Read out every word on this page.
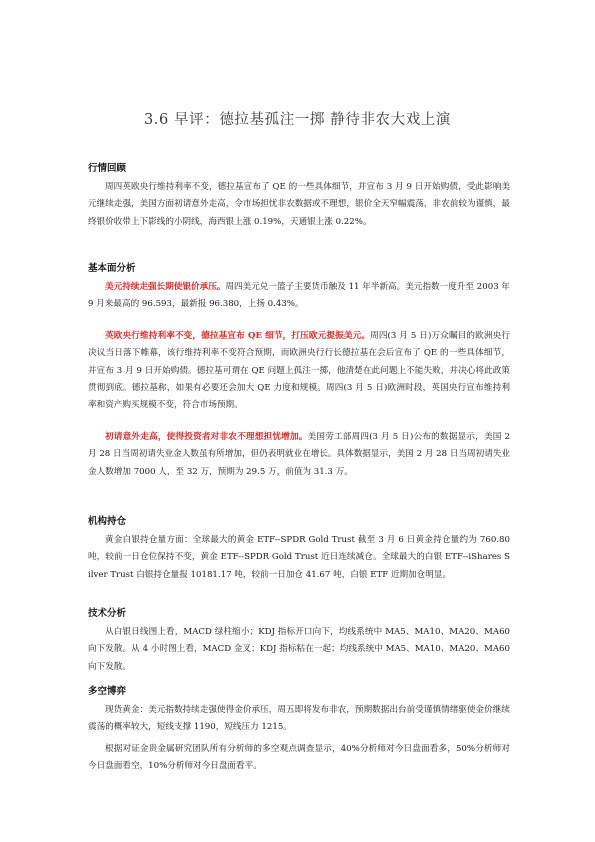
3.6 早评：德拉基孤注一掷 静待非农大戏上演
行情回顾

周四英欧央行维持利率不变，德拉基宣布了 QE 的一些具体细节，并宣布 3 月 9 日开始购债，受此影响美元继续走强，美国方面初请意外走高，令市场担忧非农数据或不理想，银价全天窄幅震荡，非农前较为谨慎，最终银价收带上下影线的小阴线，海西银上涨 0.19%，天通银上涨 0.22%。

基本面分析

美元持续走强长期使银价承压。周四美元兑一篮子主要货币触及 11 年半新高。美元指数一度升至 2003 年 9 月来最高的 96.593，最新报 96.380，上扬 0.43%。

英欧央行维持利率不变，德拉基宣布 QE 细节，打压欧元提振美元。周四(3 月 5 日)万众瞩目的欧洲央行决议当日落下帷幕，该行维持利率不变符合预期，而欧洲央行行长德拉基在会后宣布了 QE 的一些具体细节，并宣布 3 月 9 日开始购债。德拉基可谓在 QE 问题上孤注一掷，他清楚在此问题上不能失败，并决心将此政策贯彻到底。德拉基称，如果有必要还会加大 QE 力度和规模。周四(3 月 5 日)欧洲时段，英国央行宣布维持利率和资产购买规模不变，符合市场预期。

初请意外走高，使得投资者对非农不理想担忧增加。美国劳工部周四(3 月 5 日)公布的数据显示，美国 2 月 28 日当周初请失业金人数虽有所增加，但仍表明就业在增长。具体数据显示，美国 2 月 28 日当周初请失业金人数增加 7000 人，至 32 万，预期为 29.5 万，前值为 31.3 万。

机构持仓

黄金白银持仓量方面：全球最大的黄金 ETF--SPDR Gold Trust 截至 3 月 6 日黄金持仓量约为 760.80 吨，较前一日仓位保持不变，黄金 ETF--SPDR Gold Trust 近日连续减仓。全球最大的白银 ETF--iShares Silver Trust 白银持仓量报 10181.17 吨，较前一日加仓 41.67 吨，白银 ETF 近期加仓明显。

技术分析

从白银日线图上看，MACD 绿柱缩小；KDJ 指标开口向下，均线系统中 MA5、MA10、MA20、MA60 向下发散。从 4 小时图上看，MACD 金叉；KDJ 指标粘在一起；均线系统中 MA5、MA10、MA20、MA60 向下发散。

多空博弈

现货黄金：美元指数持续走强使得金价承压，周五即将发布非农，预期数据出台前受谨慎情绪驱使金价继续震荡的概率较大，短线支撑 1190，短线压力 1215。

根据对证金贵金属研究团队所有分析师的多空观点调查显示，40%分析师对今日盘面看多，50%分析师对今日盘面看空，10%分析师对今日盘面看平。
